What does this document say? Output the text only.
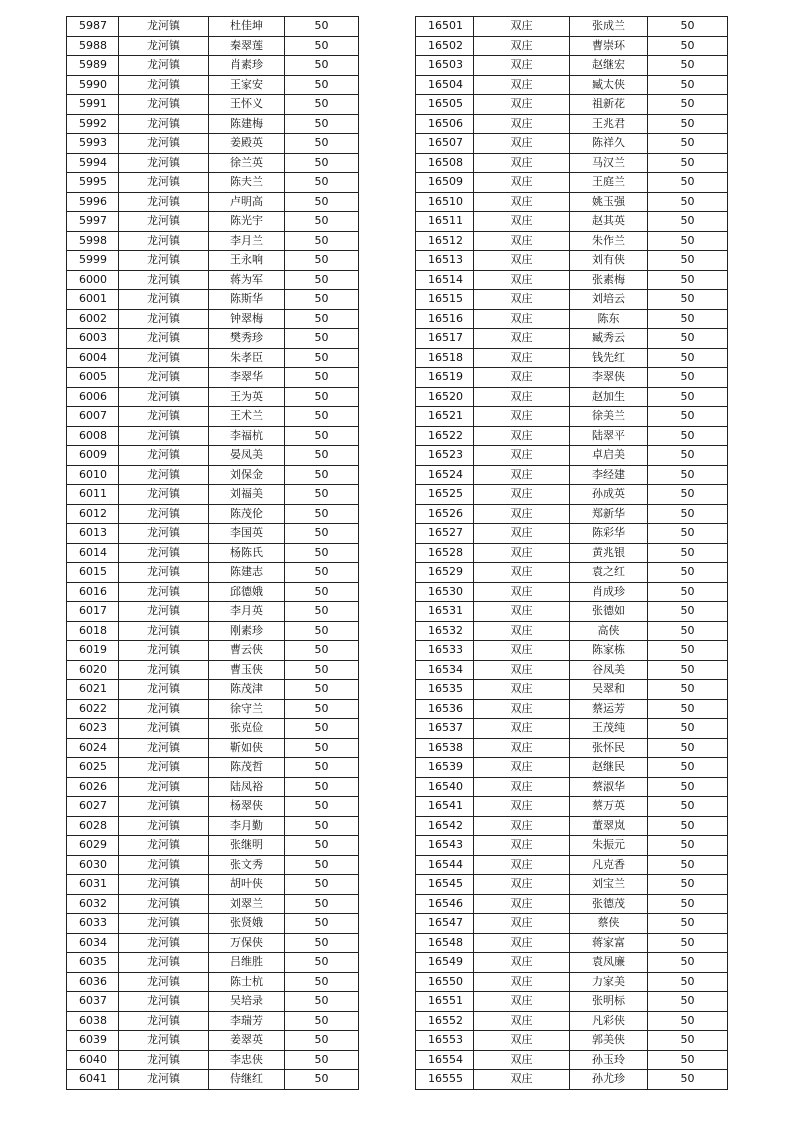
5987	龙河镇	杜佳坤	50
5988	龙河镇	秦翠莲	50
5989	龙河镇	肖素珍	50
5990	龙河镇	王家安	50
5991	龙河镇	王怀义	50
5992	龙河镇	陈建梅	50
5993	龙河镇	姜殿英	50
5994	龙河镇	徐兰英	50
5995	龙河镇	陈夫兰	50
5996	龙河镇	卢明高	50
5997	龙河镇	陈光宇	50
5998	龙河镇	李月兰	50
5999	龙河镇	王永响	50
6000	龙河镇	蒋为军	50
6001	龙河镇	陈斯华	50
6002	龙河镇	钟翠梅	50
6003	龙河镇	樊秀珍	50
6004	龙河镇	朱孝臣	50
6005	龙河镇	李翠华	50
6006	龙河镇	王为英	50
6007	龙河镇	王术兰	50
6008	龙河镇	李福杭	50
6009	龙河镇	晏凤美	50
6010	龙河镇	刘保金	50
6011	龙河镇	刘福美	50
6012	龙河镇	陈茂伦	50
6013	龙河镇	李国英	50
6014	龙河镇	杨陈氏	50
6015	龙河镇	陈建志	50
6016	龙河镇	邱德娥	50
6017	龙河镇	李月英	50
6018	龙河镇	刚素珍	50
6019	龙河镇	曹云侠	50
6020	龙河镇	曹玉侠	50
6021	龙河镇	陈茂津	50
6022	龙河镇	徐守兰	50
6023	龙河镇	张克俭	50
6024	龙河镇	靳如侠	50
6025	龙河镇	陈茂哲	50
6026	龙河镇	陆凤裕	50
6027	龙河镇	杨翠侠	50
6028	龙河镇	李月勤	50
6029	龙河镇	张继明	50
6030	龙河镇	张文秀	50
6031	龙河镇	胡叶侠	50
6032	龙河镇	刘翠兰	50
6033	龙河镇	张贤娥	50
6034	龙河镇	万保侠	50
6035	龙河镇	吕维胜	50
6036	龙河镇	陈士杭	50
6037	龙河镇	吴培录	50
6038	龙河镇	李瑞芳	50
6039	龙河镇	姜翠英	50
6040	龙河镇	李忠侠	50
6041	龙河镇	侍继红	50
16501	双庄	张成兰	50
16502	双庄	曹崇环	50
16503	双庄	赵继宏	50
16504	双庄	臧太侠	50
16505	双庄	祖新花	50
16506	双庄	王兆君	50
16507	双庄	陈祥久	50
16508	双庄	马汉兰	50
16509	双庄	王庭兰	50
16510	双庄	姚玉强	50
16511	双庄	赵其英	50
16512	双庄	朱作兰	50
16513	双庄	刘有侠	50
16514	双庄	张素梅	50
16515	双庄	刘培云	50
16516	双庄	陈东	50
16517	双庄	臧秀云	50
16518	双庄	钱先红	50
16519	双庄	李翠侠	50
16520	双庄	赵加生	50
16521	双庄	徐美兰	50
16522	双庄	陆翠平	50
16523	双庄	卓启美	50
16524	双庄	李经建	50
16525	双庄	孙成英	50
16526	双庄	郑新华	50
16527	双庄	陈彩华	50
16528	双庄	黄兆银	50
16529	双庄	袁之红	50
16530	双庄	肖成珍	50
16531	双庄	张德如	50
16532	双庄	高侠	50
16533	双庄	陈家栋	50
16534	双庄	谷凤美	50
16535	双庄	吴翠和	50
16536	双庄	蔡运芳	50
16537	双庄	王茂纯	50
16538	双庄	张怀民	50
16539	双庄	赵继民	50
16540	双庄	蔡淑华	50
16541	双庄	蔡万英	50
16542	双庄	董翠岚	50
16543	双庄	朱振元	50
16544	双庄	凡克香	50
16545	双庄	刘宝兰	50
16546	双庄	张德茂	50
16547	双庄	蔡侠	50
16548	双庄	蒋家富	50
16549	双庄	袁凤廉	50
16550	双庄	力家美	50
16551	双庄	张明标	50
16552	双庄	凡彩侠	50
16553	双庄	郭美侠	50
16554	双庄	孙玉玲	50
16555	双庄	孙尤珍	50
